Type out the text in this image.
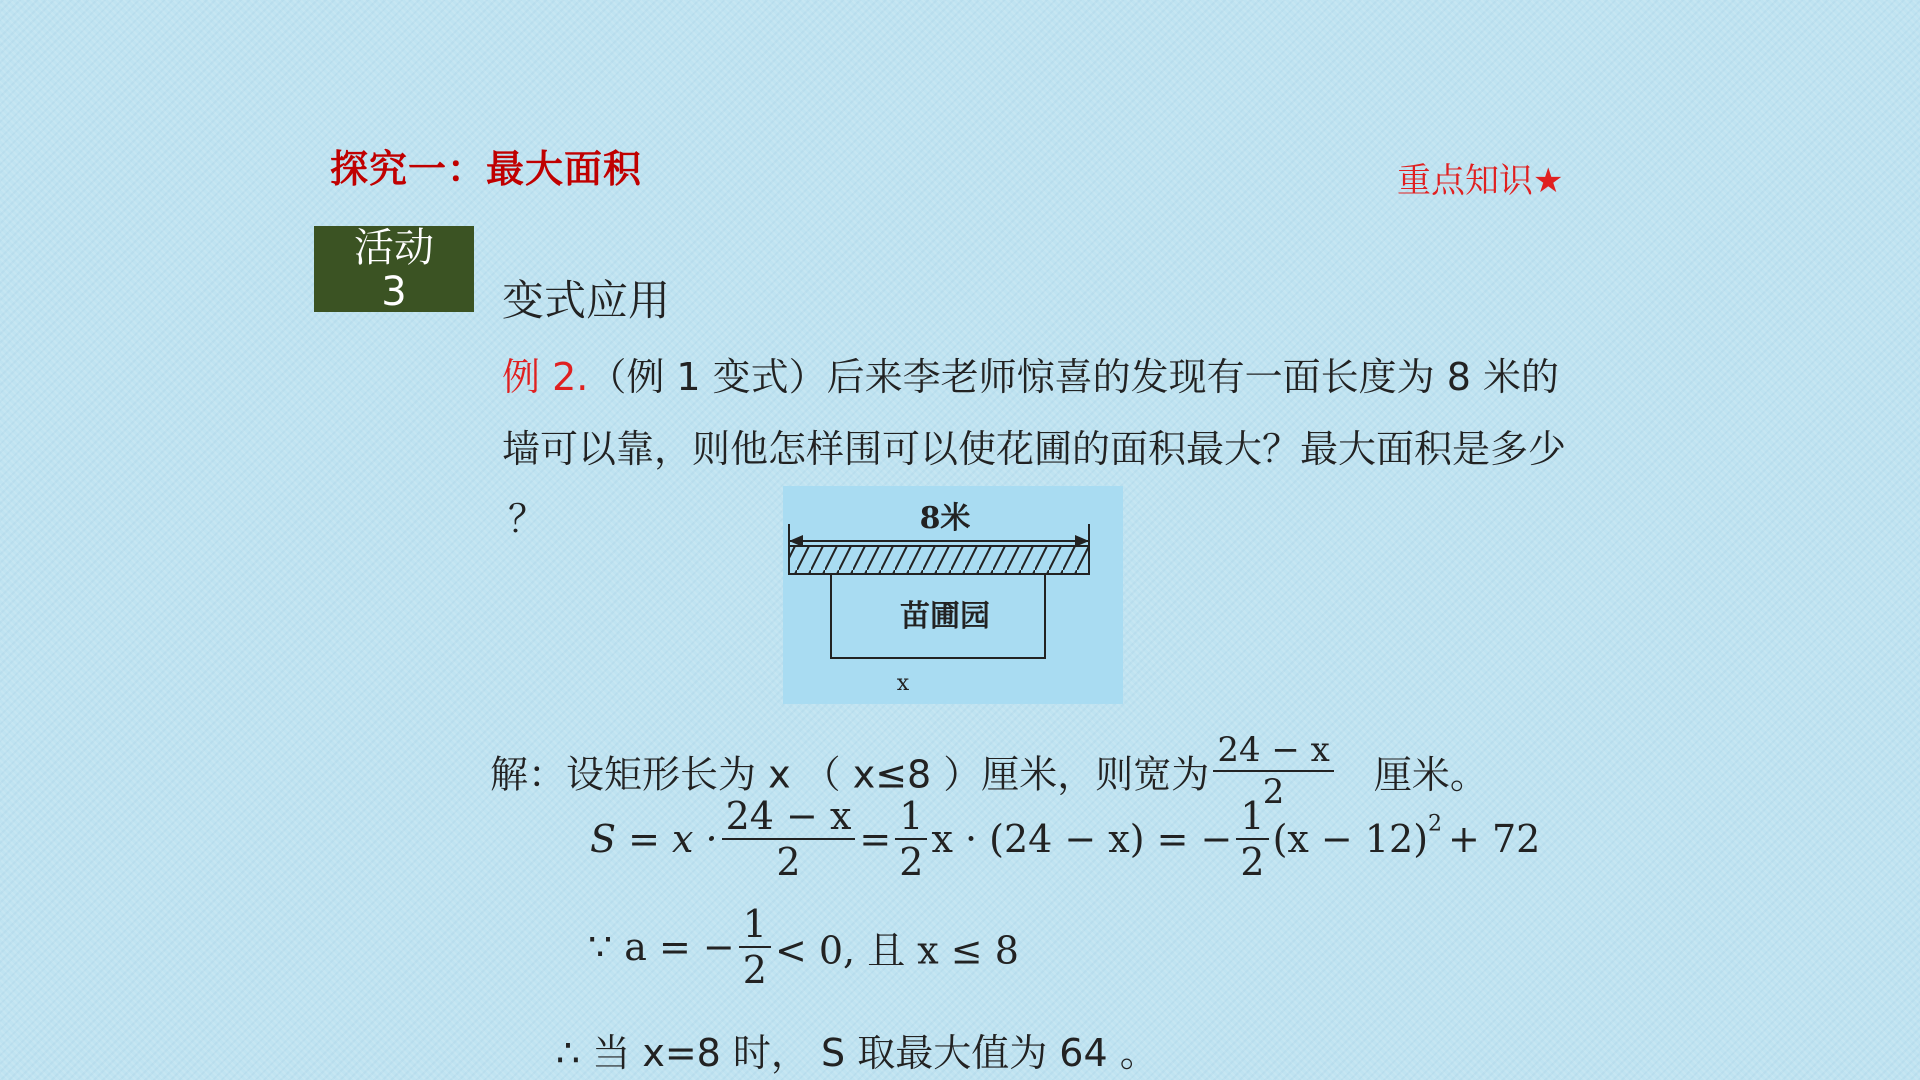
探究一：最大面积	重点知识★
活动
3	变式应用
例 2.（例 1 变式）后来李老师惊喜的发现有一面长度为 8 米的
墙可以靠，则他怎样围可以使花圃的面积最大？最大面积是多少
？	8米
苗圃园
x
解：设矩形长为 x （ x≤8 ）厘米，则宽为 $\frac{24 - x}{2}$ 厘米。
$S = x \cdot \frac{24 - x}{2} = \frac{1}{2}$ x · (24 − x) = − $\frac{1}{2} (x - 12)^2 + 72$
∵ a = − $\frac{1}{2} < 0$, 且 x ≤ 8
∴ 当 x=8 时， S 取最大值为 64 。
